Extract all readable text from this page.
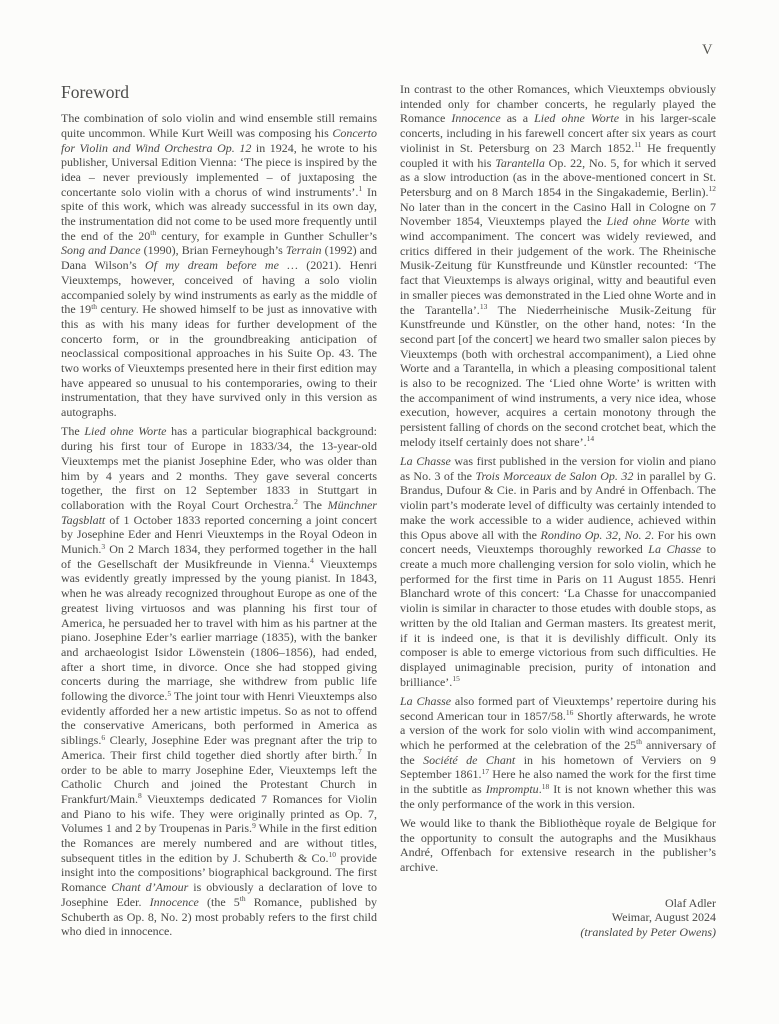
V
Foreword

The combination of solo violin and wind ensemble still remains quite uncommon. While Kurt Weill was composing his Concerto for Violin and Wind Orchestra Op. 12 in 1924, he wrote to his publisher, Universal Edition Vienna: ‘The piece is inspired by the idea – never previously implemented – of juxtaposing the concertante solo violin with a chorus of wind instruments’.$^1$ In spite of this work, which was already successful in its own day, the instrumentation did not come to be used more frequently until the end of the 20th century, for example in Gunther Schuller’s Song and Dance (1990), Brian Ferneyhough’s Terrain (1992) and Dana Wilson’s Of my dream before me … (2021). Henri Vieuxtemps, however, conceived of having a solo violin accompanied solely by wind instruments as early as the middle of the 19th century. He showed himself to be just as innovative with this as with his many ideas for further development of the concerto form, or in the groundbreaking anticipation of neoclassical compositional approaches in his Suite Op. 43. The two works of Vieuxtemps presented here in their first edition may have appeared so unusual to his contemporaries, owing to their instrumentation, that they have survived only in this version as autographs.

The Lied ohne Worte has a particular biographical background: during his first tour of Europe in 1833/34, the 13-year-old Vieuxtemps met the pianist Josephine Eder, who was older than him by 4 years and 2 months. They gave several concerts together, the first on 12 September 1833 in Stuttgart in collaboration with the Royal Court Orchestra.$^2$ The Münchner Tagsblatt of 1 October 1833 reported concerning a joint concert by Josephine Eder and Henri Vieuxtemps in the Royal Odeon in Munich.$^3$ On 2 March 1834, they performed together in the hall of the Gesellschaft der Musikfreunde in Vienna.$^4$ Vieuxtemps was evidently greatly impressed by the young pianist. In 1843, when he was already recognized throughout Europe as one of the greatest living virtuosos and was planning his first tour of America, he persuaded her to travel with him as his partner at the piano. Josephine Eder’s earlier marriage (1835), with the banker and archaeologist Isidor Löwenstein (1806–1856), had ended, after a short time, in divorce. Once she had stopped giving concerts during the marriage, she withdrew from public life following the divorce.$^5$ The joint tour with Henri Vieuxtemps also evidently afforded her a new artistic impetus. So as not to offend the conservative Americans, both performed in America as siblings.$^6$ Clearly, Josephine Eder was pregnant after the trip to America. Their first child together died shortly after birth.$^7$ In order to be able to marry Josephine Eder, Vieuxtemps left the Catholic Church and joined the Protestant Church in Frankfurt/Main.$^8$ Vieuxtemps dedicated 7 Romances for Violin and Piano to his wife. They were originally printed as Op. 7, Volumes 1 and 2 by Troupenas in Paris.$^9$ While in the first edition the Romances are merely numbered and are without titles, subsequent titles in the edition by J. Schuberth & Co.$^{10}$ provide insight into the compositions’ biographical background. The first Romance Chant d’Amour is obviously a declaration of love to Josephine Eder. Innocence (the 5th Romance, published by Schuberth as Op. 8, No. 2) most probably refers to the first child who died in innocence.

In contrast to the other Romances, which Vieuxtemps obviously intended only for chamber concerts, he regularly played the Romance Innocence as a Lied ohne Worte in his larger-scale concerts, including in his farewell concert after six years as court violinist in St. Petersburg on 23 March 1852.11 He frequently coupled it with his Tarantella Op. 22, No. 5, for which it served as a slow introduction (as in the above-mentioned concert in St. Petersburg and on 8 March 1854 in the Singakademie, Berlin).$^{12}$ No later than in the concert in the Casino Hall in Cologne on 7 November 1854, Vieuxtemps played the Lied ohne Worte with wind accompaniment. The concert was widely reviewed, and critics differed in their judgement of the work. The Rheinische Musik-Zeitung für Kunstfreunde und Künstler recounted: ‘The fact that Vieuxtemps is always original, witty and beautiful even in smaller pieces was demonstrated in the Lied ohne Worte and in the Tarantella’.$^{13}$ The Niederrheinische Musik-Zeitung für Kunstfreunde und Künstler, on the other hand, notes: ‘In the second part [of the concert] we heard two smaller salon pieces by Vieuxtemps (both with orchestral accompaniment), a Lied ohne Worte and a Tarantella, in which a pleasing compositional talent is also to be recognized. The ‘Lied ohne Worte’ is written with the accompaniment of wind instruments, a very nice idea, whose execution, however, acquires a certain monotony through the persistent falling of chords on the second crotchet beat, which the melody itself certainly does not share’.$^{14}$

La Chasse was first published in the version for violin and piano as No. 3 of the Trois Morceaux de Salon Op. 32 in parallel by G. Brandus, Dufour & Cie. in Paris and by André in Offenbach. The violin part’s moderate level of difficulty was certainly intended to make the work accessible to a wider audience, achieved within this Opus above all with the Rondino Op. 32, No. 2. For his own concert needs, Vieuxtemps thoroughly reworked La Chasse to create a much more challenging version for solo violin, which he performed for the first time in Paris on 11 August 1855. Henri Blanchard wrote of this concert: ‘La Chasse for unaccompanied violin is similar in character to those etudes with double stops, as written by the old Italian and German masters. Its greatest merit, if it is indeed one, is that it is devilishly difficult. Only its composer is able to emerge victorious from such difficulties. He displayed unimaginable precision, purity of intonation and brilliance’.$^{15}$

La Chasse also formed part of Vieuxtemps’ repertoire during his second American tour in 1857/58.16 Shortly afterwards, he wrote a version of the work for solo violin with wind accompaniment, which he performed at the celebration of the 25th anniversary of the Société de Chant in his hometown of Verviers on 9 September 1861.17 Here he also named the work for the first time in the subtitle as Impromptu.$^{18}$ It is not known whether this was the only performance of the work in this version.

We would like to thank the Bibliothèque royale de Belgique for the opportunity to consult the autographs and the Musikhaus André, Offenbach for extensive research in the publisher’s archive.

Olaf Adler

Weimar, August 2024

(translated by Peter Owens)
